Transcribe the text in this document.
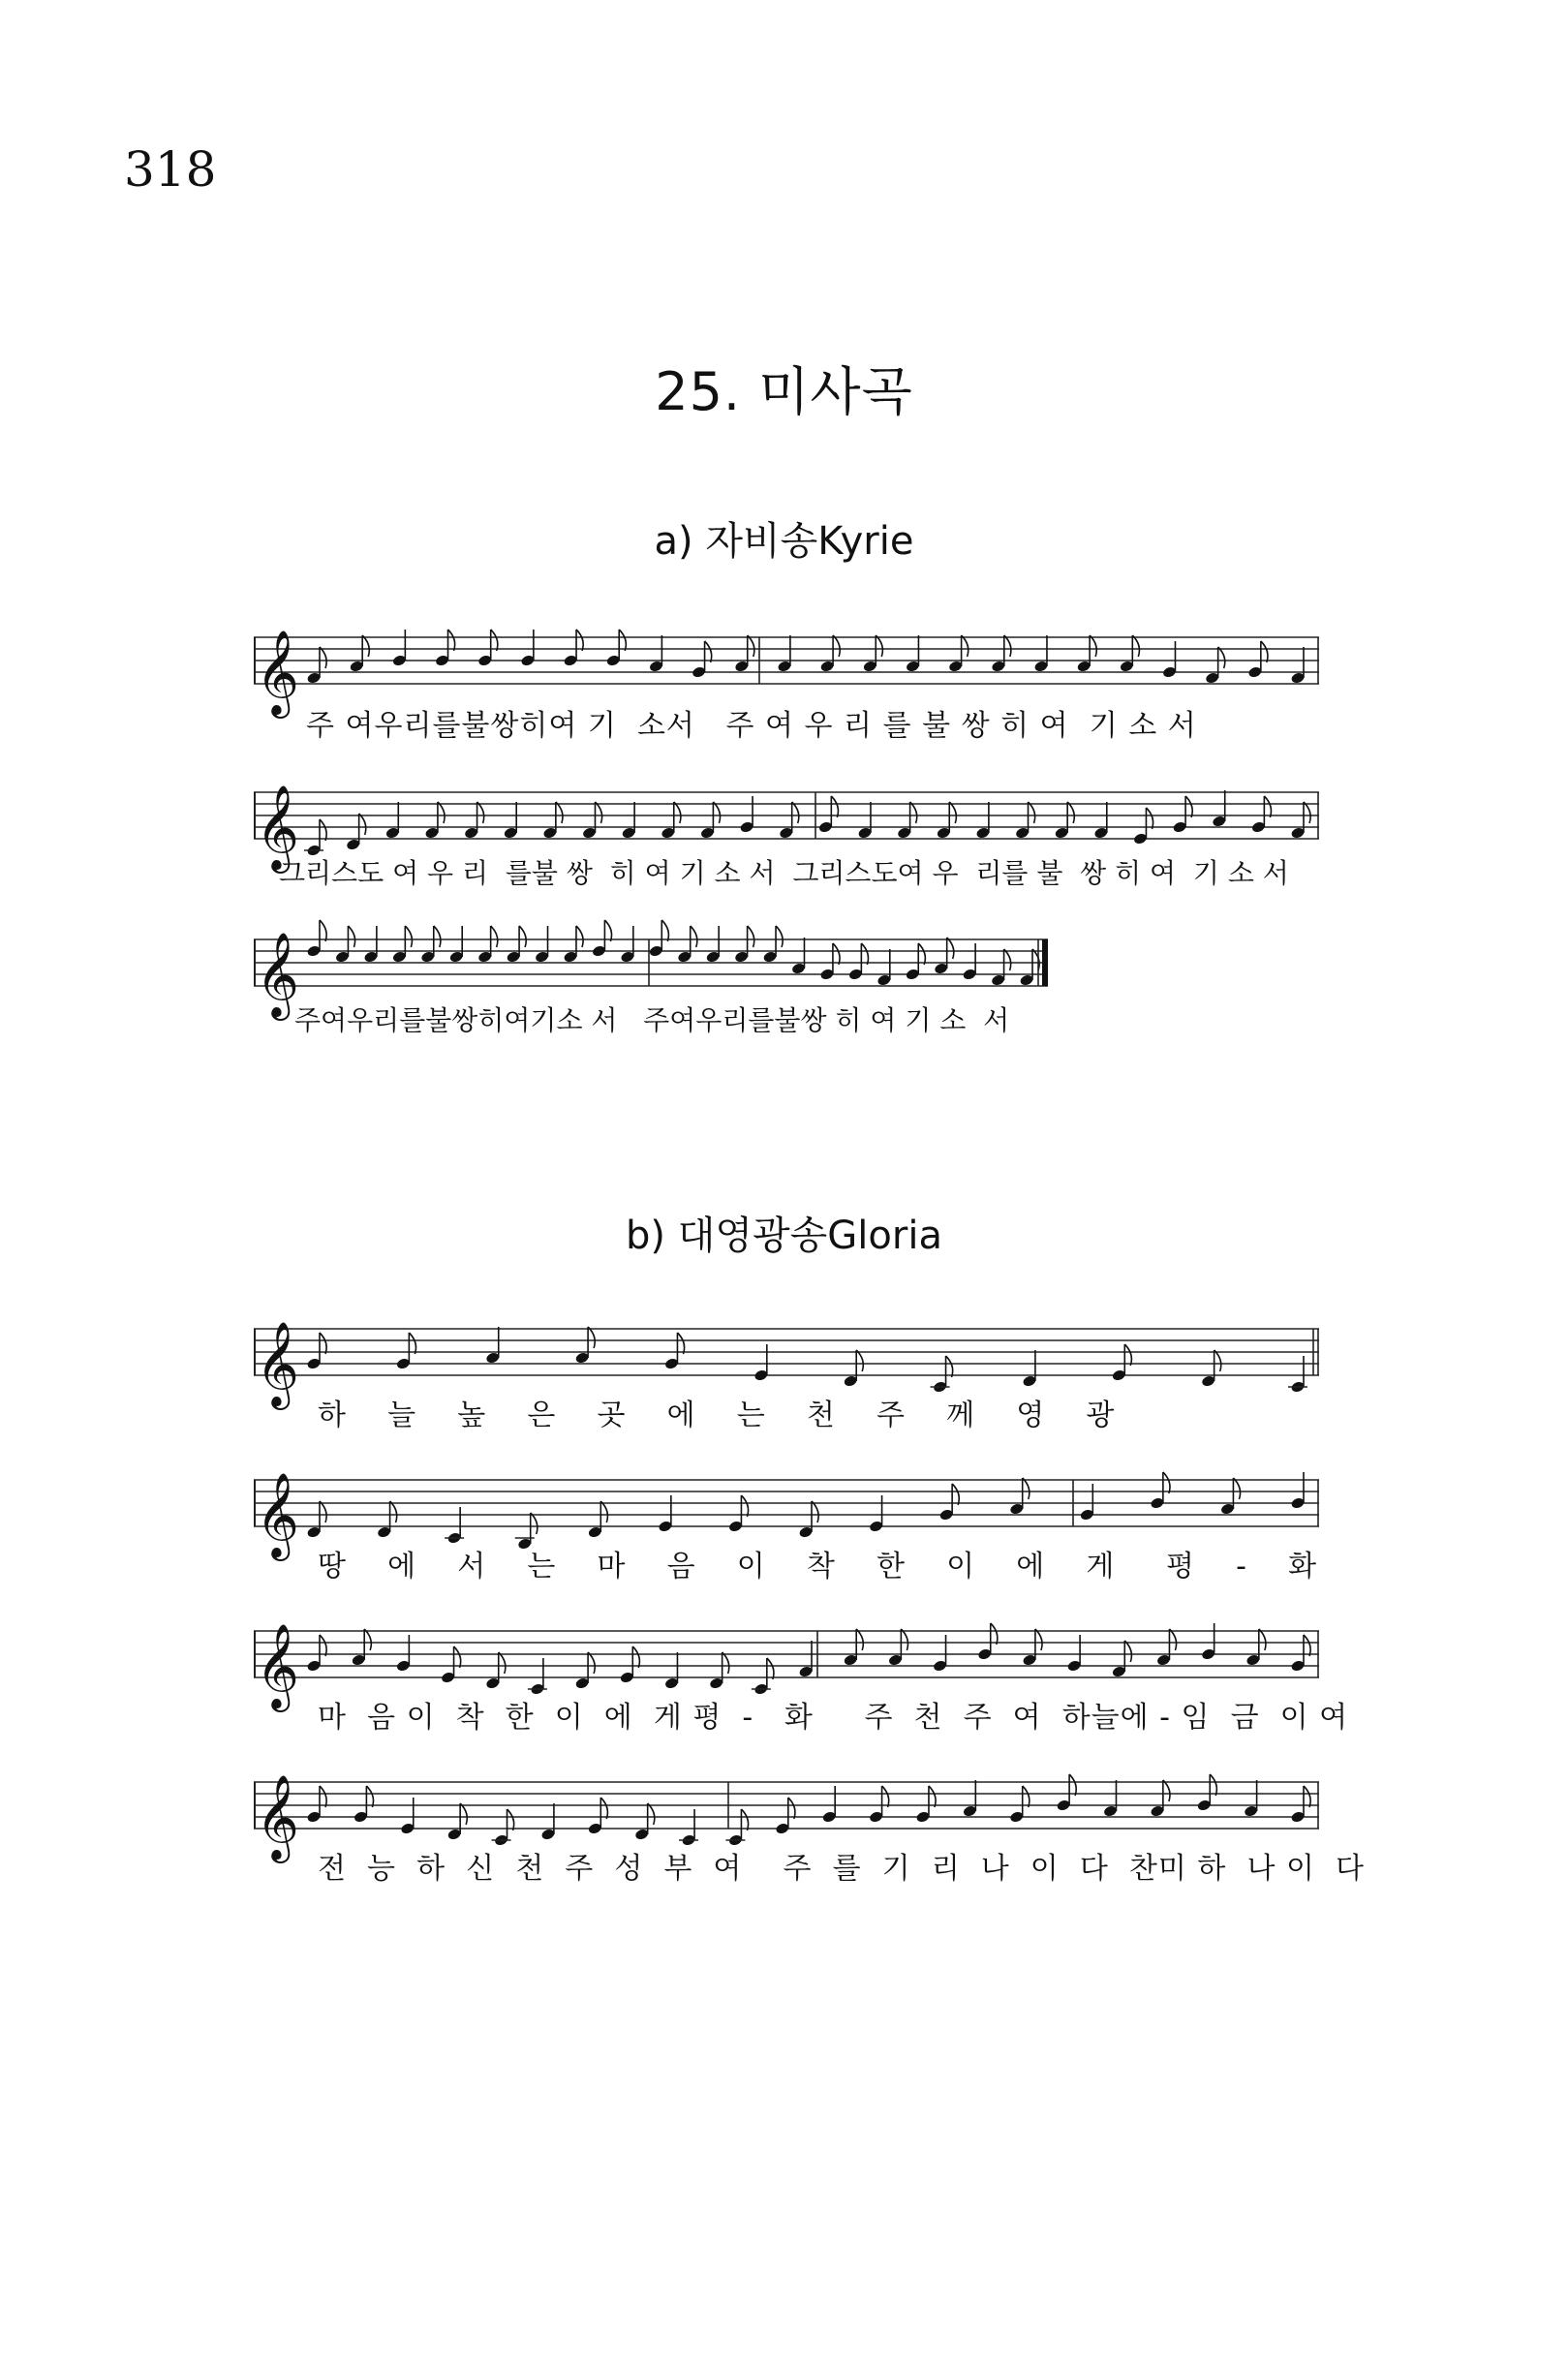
318
25. 미사곡
a) 자비송Kyrie
𝄞
주 여우리를불쌍히여 기  소서   주 여 우 리 를 불 쌍 히 여  기 소 서
𝄞
그리스도 여 우 리  를불 쌍  히 여 기 소 서  그리스도여 우  리를 불  쌍 히 여  기 소 서
𝄞
주여우리를불쌍히여기소 서   주여우리를불쌍 히 여 기 소  서
b) 대영광송Gloria
𝄞
하    늘    높    은    곳    에    는    천    주    께    영    광
𝄞
땅    에    서    는    마    음    이    착    한    이    에    게     평    -    화
𝄞
마  음 이  착  한  이  에  게 평  -   화     주  천  주  여  하늘에 - 임  금  이 여
𝄞
전  능  하  신  천  주  성  부  여    주  를  기  리  나  이  다  찬미 하  나 이  다
